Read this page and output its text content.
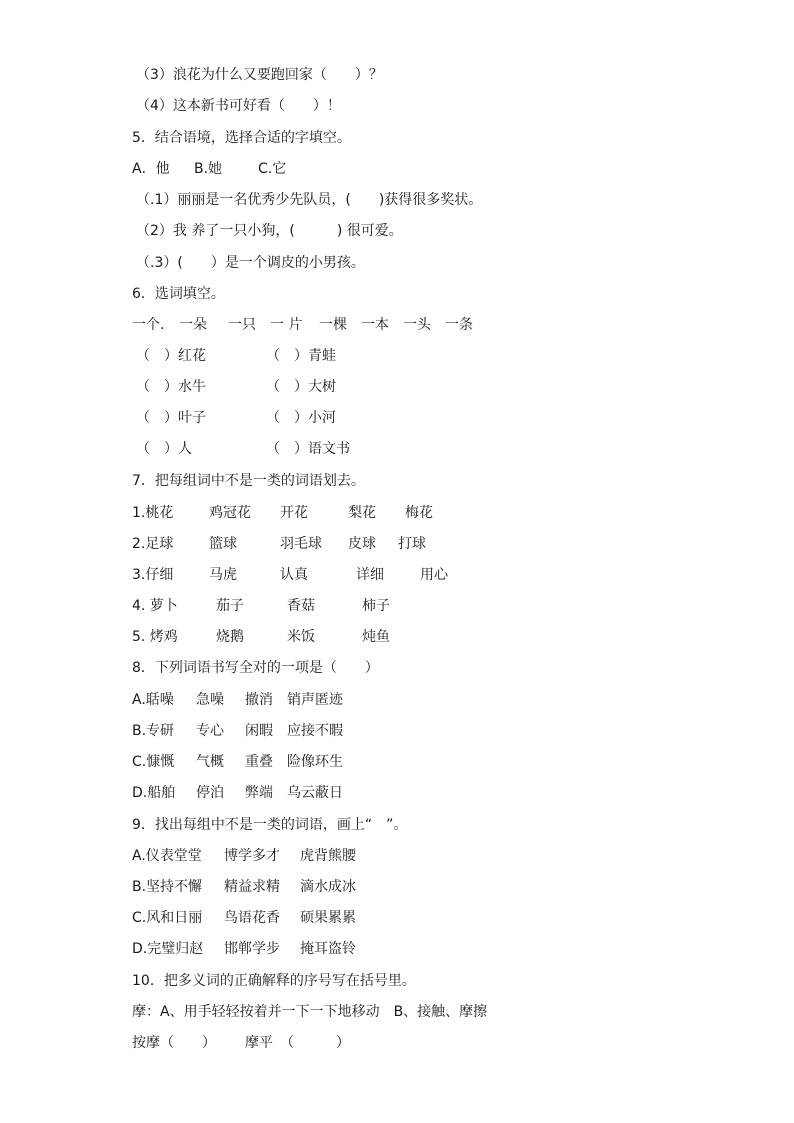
（3）浪花为什么又要跑回家（　　）？
（4）这本新书可好看（　　）！
5．结合语境，选择合适的字填空。
A．他 B.她	C.它
（.1）丽丽是一名优秀少先队员，(　　)获得很多奖状。
（2）我 养了一只小狗，(　　　) 很可爱。
（.3）(　　）是一个调皮的小男孩。
6．选词填空。
一个. 一朵 一只 一 片 一棵 一本 一头 一条
（　）红花	（　）青蛙
（　）水牛	（　）大树
（　）叶子	（　）小河
（　）人	（　）语文书
7．把每组词中不是一类的词语划去。
1.桃花	鸡冠花 开花	梨花 梅花
2.足球	篮球	羽毛球 皮球 打球
3.仔细	马虎	认真	详细	用心
4. 萝卜	茄子	香菇	柿子
5. 烤鸡	烧鹅	米饭	炖鱼
8．下列词语书写全对的一项是（　　）
A.聒噪 急噪 撤消 销声匿迹
B.专研 专心 闲暇 应接不暇
C.慷慨 气概 重叠 险像环生
D.船舶 停泊 弊端 乌云蔽日
9．找出每组中不是一类的词语，画上“　”。
A.仪表堂堂 博学多才 虎背熊腰
B.坚持不懈 精益求精 滴水成冰
C.风和日丽 鸟语花香 硕果累累
D.完璧归赵 邯郸学步 掩耳盗铃
10．把多义词的正确解释的序号写在括号里。
摩：A、用手轻轻按着并一下一下地移动　B、接触、摩擦
按摩（　　） 摩平　（　　　）
